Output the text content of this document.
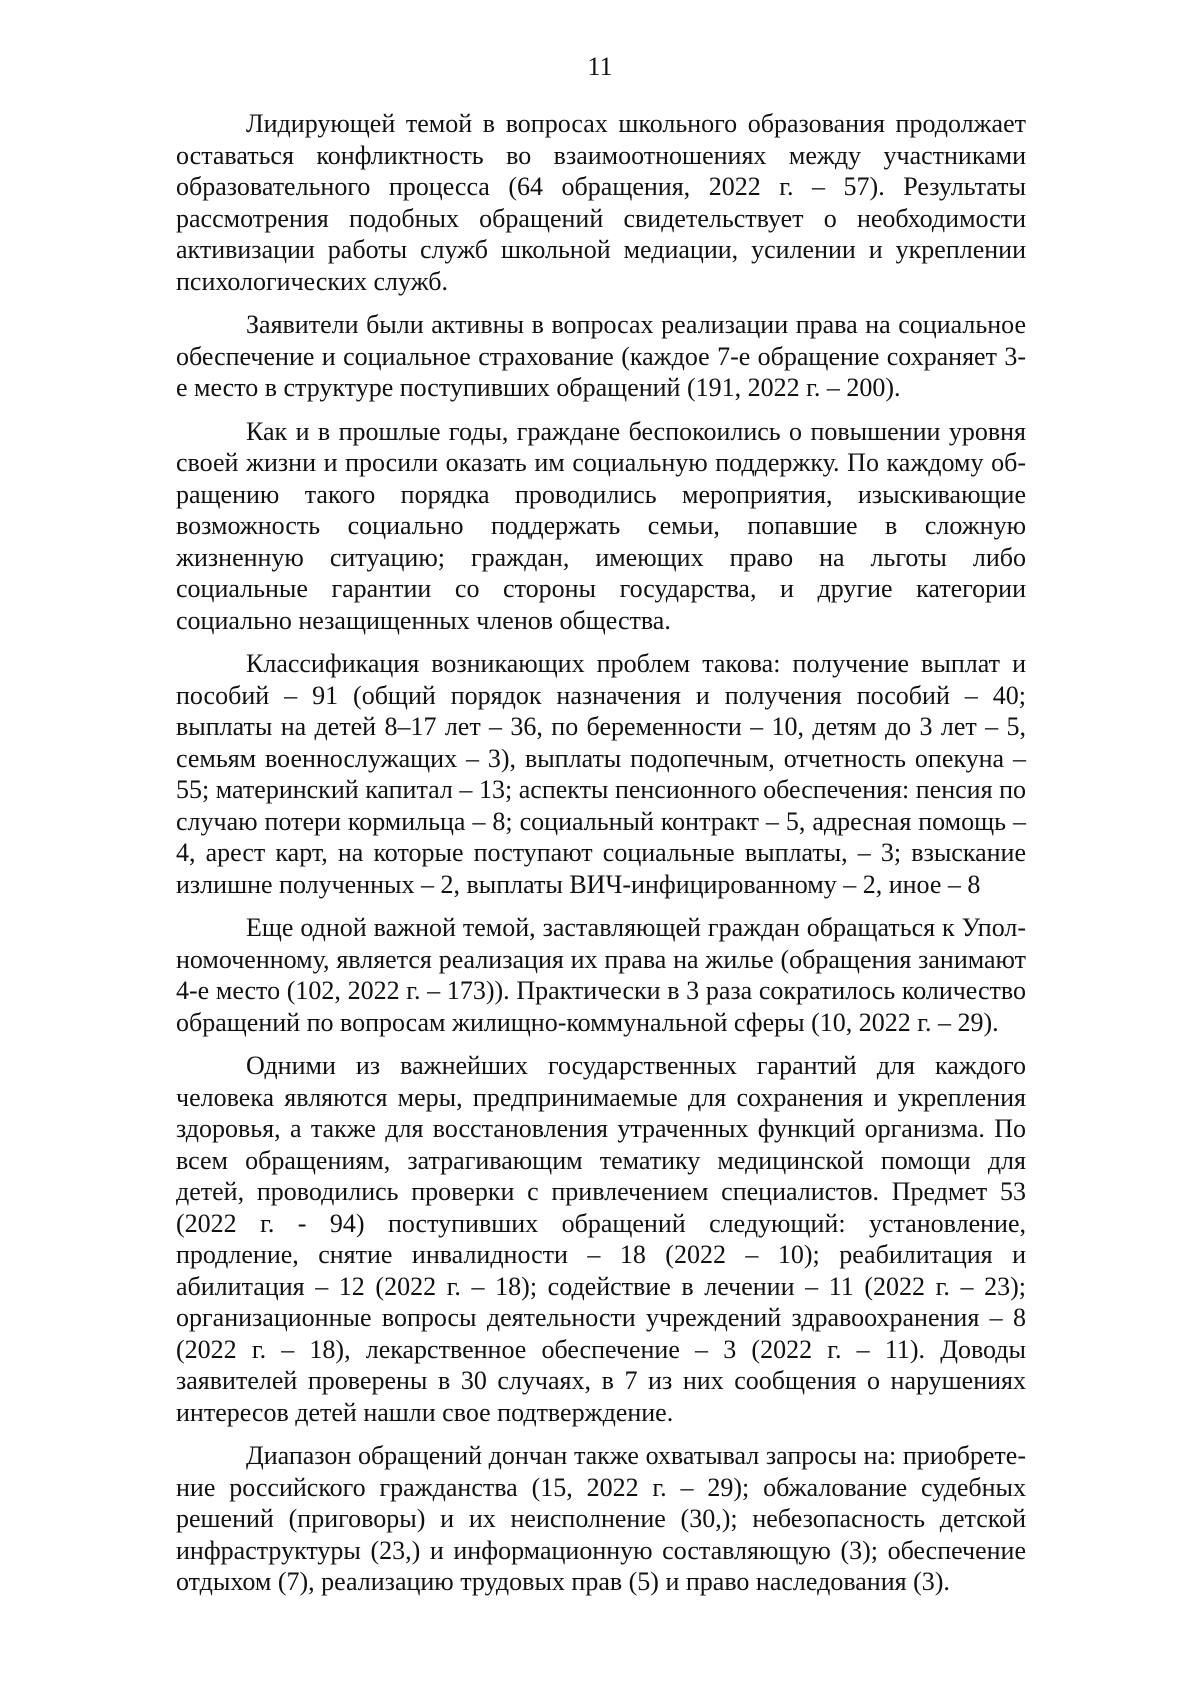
11

Лидирующей темой в вопросах школьного образования продолжает оставаться конфликтность во взаимоотношениях между участниками образовательного процесса (64 обращения, 2022 г. – 57). Результаты рассмотрения подобных обращений свидетельствует о необходимости активизации работы служб школьной медиации, усилении и укреплении психологических служб.

Заявители были активны в вопросах реализации права на социальное обеспечение и социальное страхование (каждое 7-е обращение сохраняет 3-е место в структуре поступивших обращений (191, 2022 г. – 200).

Как и в прошлые годы, граждане беспокоились о повышении уровня своей жизни и просили оказать им социальную поддержку. По каждому обращению такого порядка проводились мероприятия, изыскивающие возможность социально поддержать семьи, попавшие в сложную жизненную ситуацию; граждан, имеющих право на льготы либо социальные гарантии со стороны государства, и другие категории социально незащищенных членов общества.

Классификация возникающих проблем такова: получение выплат и пособий – 91 (общий порядок назначения и получения пособий – 40; выплаты на детей 8–17 лет – 36, по беременности – 10, детям до 3 лет – 5, семьям военнослужащих – 3), выплаты подопечным, отчетность опекуна – 55; материнский капитал – 13; аспекты пенсионного обеспечения: пенсия по случаю потери кормильца – 8; социальный контракт – 5, адресная помощь – 4, арест карт, на которые поступают социальные выплаты, – 3; взыскание излишне полученных – 2, выплаты ВИЧ-инфицированному – 2, иное – 8

Еще одной важной темой, заставляющей граждан обращаться к Уполномоченному, является реализация их права на жилье (обращения занимают 4-е место (102, 2022 г. – 173)). Практически в 3 раза сократилось количество обращений по вопросам жилищно-коммунальной сферы (10, 2022 г. – 29).

Одними из важнейших государственных гарантий для каждого человека являются меры, предпринимаемые для сохранения и укрепления здоровья, а также для восстановления утраченных функций организма. По всем обращениям, затрагивающим тематику медицинской помощи для детей, проводились проверки с привлечением специалистов. Предмет 53 (2022 г. - 94) поступивших обращений следующий: установление, продление, снятие инвалидности – 18 (2022 – 10); реабилитация и абилитация – 12 (2022 г. – 18); содействие в лечении – 11 (2022 г. – 23); организационные вопросы деятельности учреждений здравоохранения – 8 (2022 г. – 18), лекарственное обеспечение – 3 (2022 г. – 11). Доводы заявителей проверены в 30 случаях, в 7 из них сообщения о нарушениях интересов детей нашли свое подтверждение.

Диапазон обращений дончан также охватывал запросы на: приобретение российского гражданства (15, 2022 г. – 29); обжалование судебных решений (приговоры) и их неисполнение (30,); небезопасность детской инфраструктуры (23,) и информационную составляющую (3); обеспечение отдыхом (7), реализацию трудовых прав (5) и право наследования (3).
